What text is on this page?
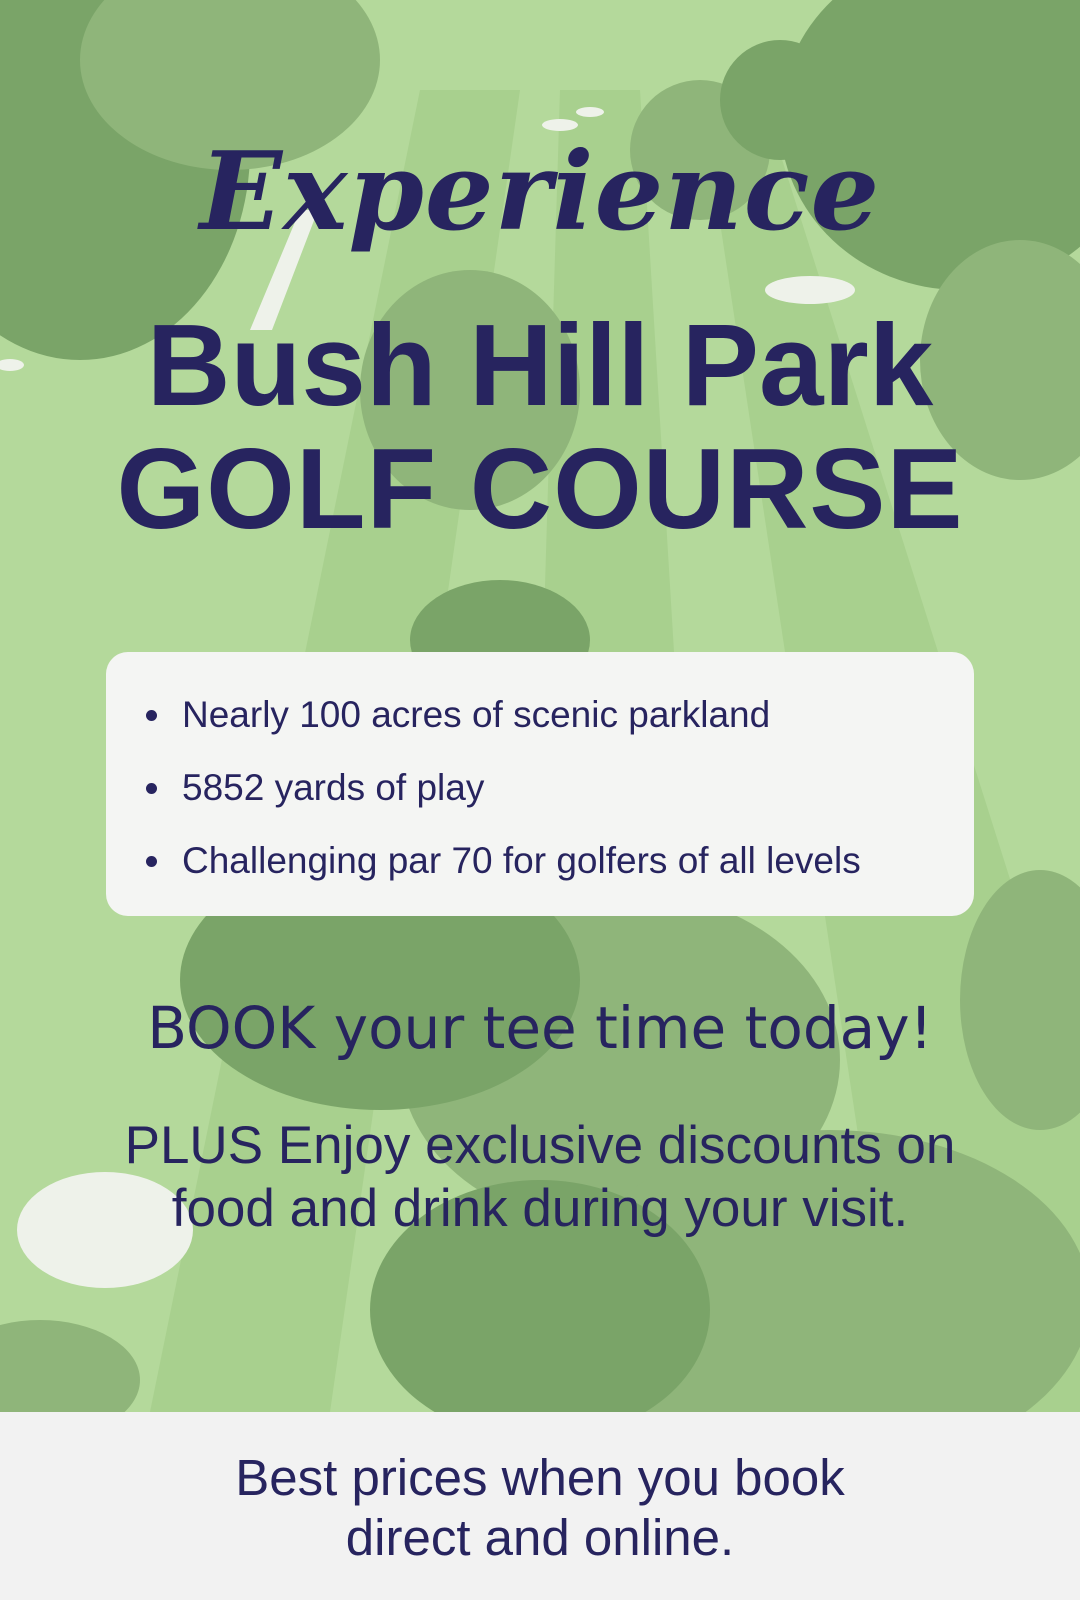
Experience
Bush Hill Park
GOLF COURSE
Nearly 100 acres of scenic parkland
5852 yards of play
Challenging par 70 for golfers of all levels

BOOK your tee time today!

PLUS Enjoy exclusive discounts on
food and drink during your visit.

Best prices when you book
direct and online.
